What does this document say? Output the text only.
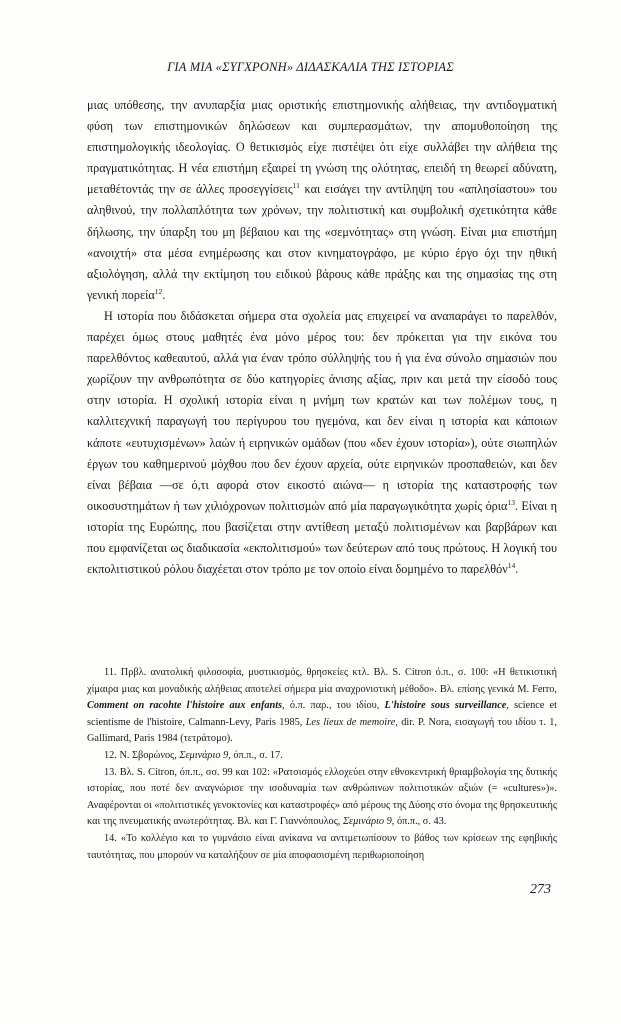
ΓΙΑ ΜΙΑ «ΣΥΓΧΡΟΝΗ» ΔΙΔΑΣΚΑΛΙΑ ΤΗΣ ΙΣΤΟΡΙΑΣ

μιας υπόθεσης, την ανυπαρξία μιας οριστικής επιστημονικής αλήθειας, την αντιδογματική φύση των επιστημονικών δηλώσεων και συμπερασμάτων, την απομυθοποίηση της επιστημολογικής ιδεολογίας. Ο θετικισμός είχε πιστέψει ότι είχε συλλάβει την αλήθεια της πραγματικότητας. Η νέα επιστήμη εξαιρεί τη γνώση της ολότητας, επειδή τη θεωρεί αδύνατη, μεταθέτοντάς την σε άλλες προσεγγίσεις$^{11}$ και εισάγει την αντίληψη του «απλησίαστου» του αληθινού, την πολλαπλότητα των χρόνων, την πολιτιστική και συμβολική σχετικότητα κάθε δήλωσης, την ύπαρξη του μη βέβαιου και της «σεμνότητας» στη γνώση. Είναι μια επιστήμη «ανοιχτή» στα μέσα ενημέρωσης και στον κινηματογράφο, με κύριο έργο όχι την ηθική αξιολόγηση, αλλά την εκτίμηση του ειδικού βάρους κάθε πράξης και της σημασίας της στη γενική πορεία$^{12}$.

Η ιστορία που διδάσκεται σήμερα στα σχολεία μας επιχειρεί να αναπαράγει το παρελθόν, παρέχει όμως στους μαθητές ένα μόνο μέρος του: δεν πρόκειται για την εικόνα του παρελθόντος καθεαυτού, αλλά για έναν τρόπο σύλληψής του ή για ένα σύνολο σημασιών που χωρίζουν την ανθρωπότητα σε δύο κατηγορίες άνισης αξίας, πριν και μετά την είσοδό τους στην ιστορία. Η σχολική ιστορία είναι η μνήμη των κρατών και των πολέμων τους, η καλλιτεχνική παραγωγή του περίγυρου του ηγεμόνα, και δεν είναι η ιστορία και κάποιων κάποτε «ευτυχισμένων» λαών ή ειρηνικών ομάδων (που «δεν έχουν ιστορία»), ούτε σιωπηλών έργων του καθημερινού μόχθου που δεν έχουν αρχεία, ούτε ειρηνικών προσπαθειών, και δεν είναι βέβαια —σε ό,τι αφορά στον εικοστό αιώνα— η ιστορία της καταστροφής των οικοσυστημάτων ή των χιλιόχρονων πολιτισμών από μία παραγωγικότητα χωρίς όρια$^{13}$. Είναι η ιστορία της Ευρώπης, που βασίζεται στην αντίθεση μεταξύ πολιτισμένων και βαρβάρων και που εμφανίζεται ως διαδικασία «εκπολιτισμού» των δεύτερων από τους πρώτους. Η λογική του εκπολιτιστικού ρόλου διαχέεται στον τρόπο με τον οποίο είναι δομημένο το παρελθόν$^{14}$.

11. Πρβλ. ανατολική φιλοσοφία, μυστικισμός, θρησκείες κτλ. Βλ. S. Citron ό.π., σ. 100: «Η θετικιστική χίμαιρα μιας και μοναδικής αλήθειας αποτελεί σήμερα μία αναχρονιστική μέθοδο». Βλ. επίσης γενικά M. Ferro, Comment on racohte l'histoire aux enfants, ό.π. παρ., του ιδίου, L'histoire sous surveillance, science et scientisme de l'histoire, Calmann-Levy, Paris 1985, Les lieux de memoire, dir. P. Nora, εισαγωγή του ιδίου τ. 1, Gallimard, Paris 1984 (τετράτομο).

12. Ν. Σβορώνος, Σεμινάριο 9, όπ.π., σ. 17.

13. Βλ. S. Citron, όπ.π., σσ. 99 και 102: «Ρατσισμός ελλοχεύει στην εθνοκεντρική θριαμβολογία της δυτικής ιστορίας, που ποτέ δεν αναγνώρισε την ισοδυναμία των ανθρώπινων πολιτιστικών αξιών (= «cultures»)». Αναφέρονται οι «πολιτιστικές γενοκτονίες και καταστροφές» από μέρους της Δύσης στο όνομα της θρησκευτικής και της πνευματικής ανωτερότητας. Βλ. και Γ. Γιαννόπουλος, Σεμινάριο 9, όπ.π., σ. 43.

14. «Το κολλέγιο και το γυμνάσιο είναι ανίκανα να αντιμετωπίσουν το βάθος των κρίσεων της εφηβικής ταυτότητας, που μπορούν να καταλήξουν σε μία αποφασισμένη περιθωριοποίηση

273
